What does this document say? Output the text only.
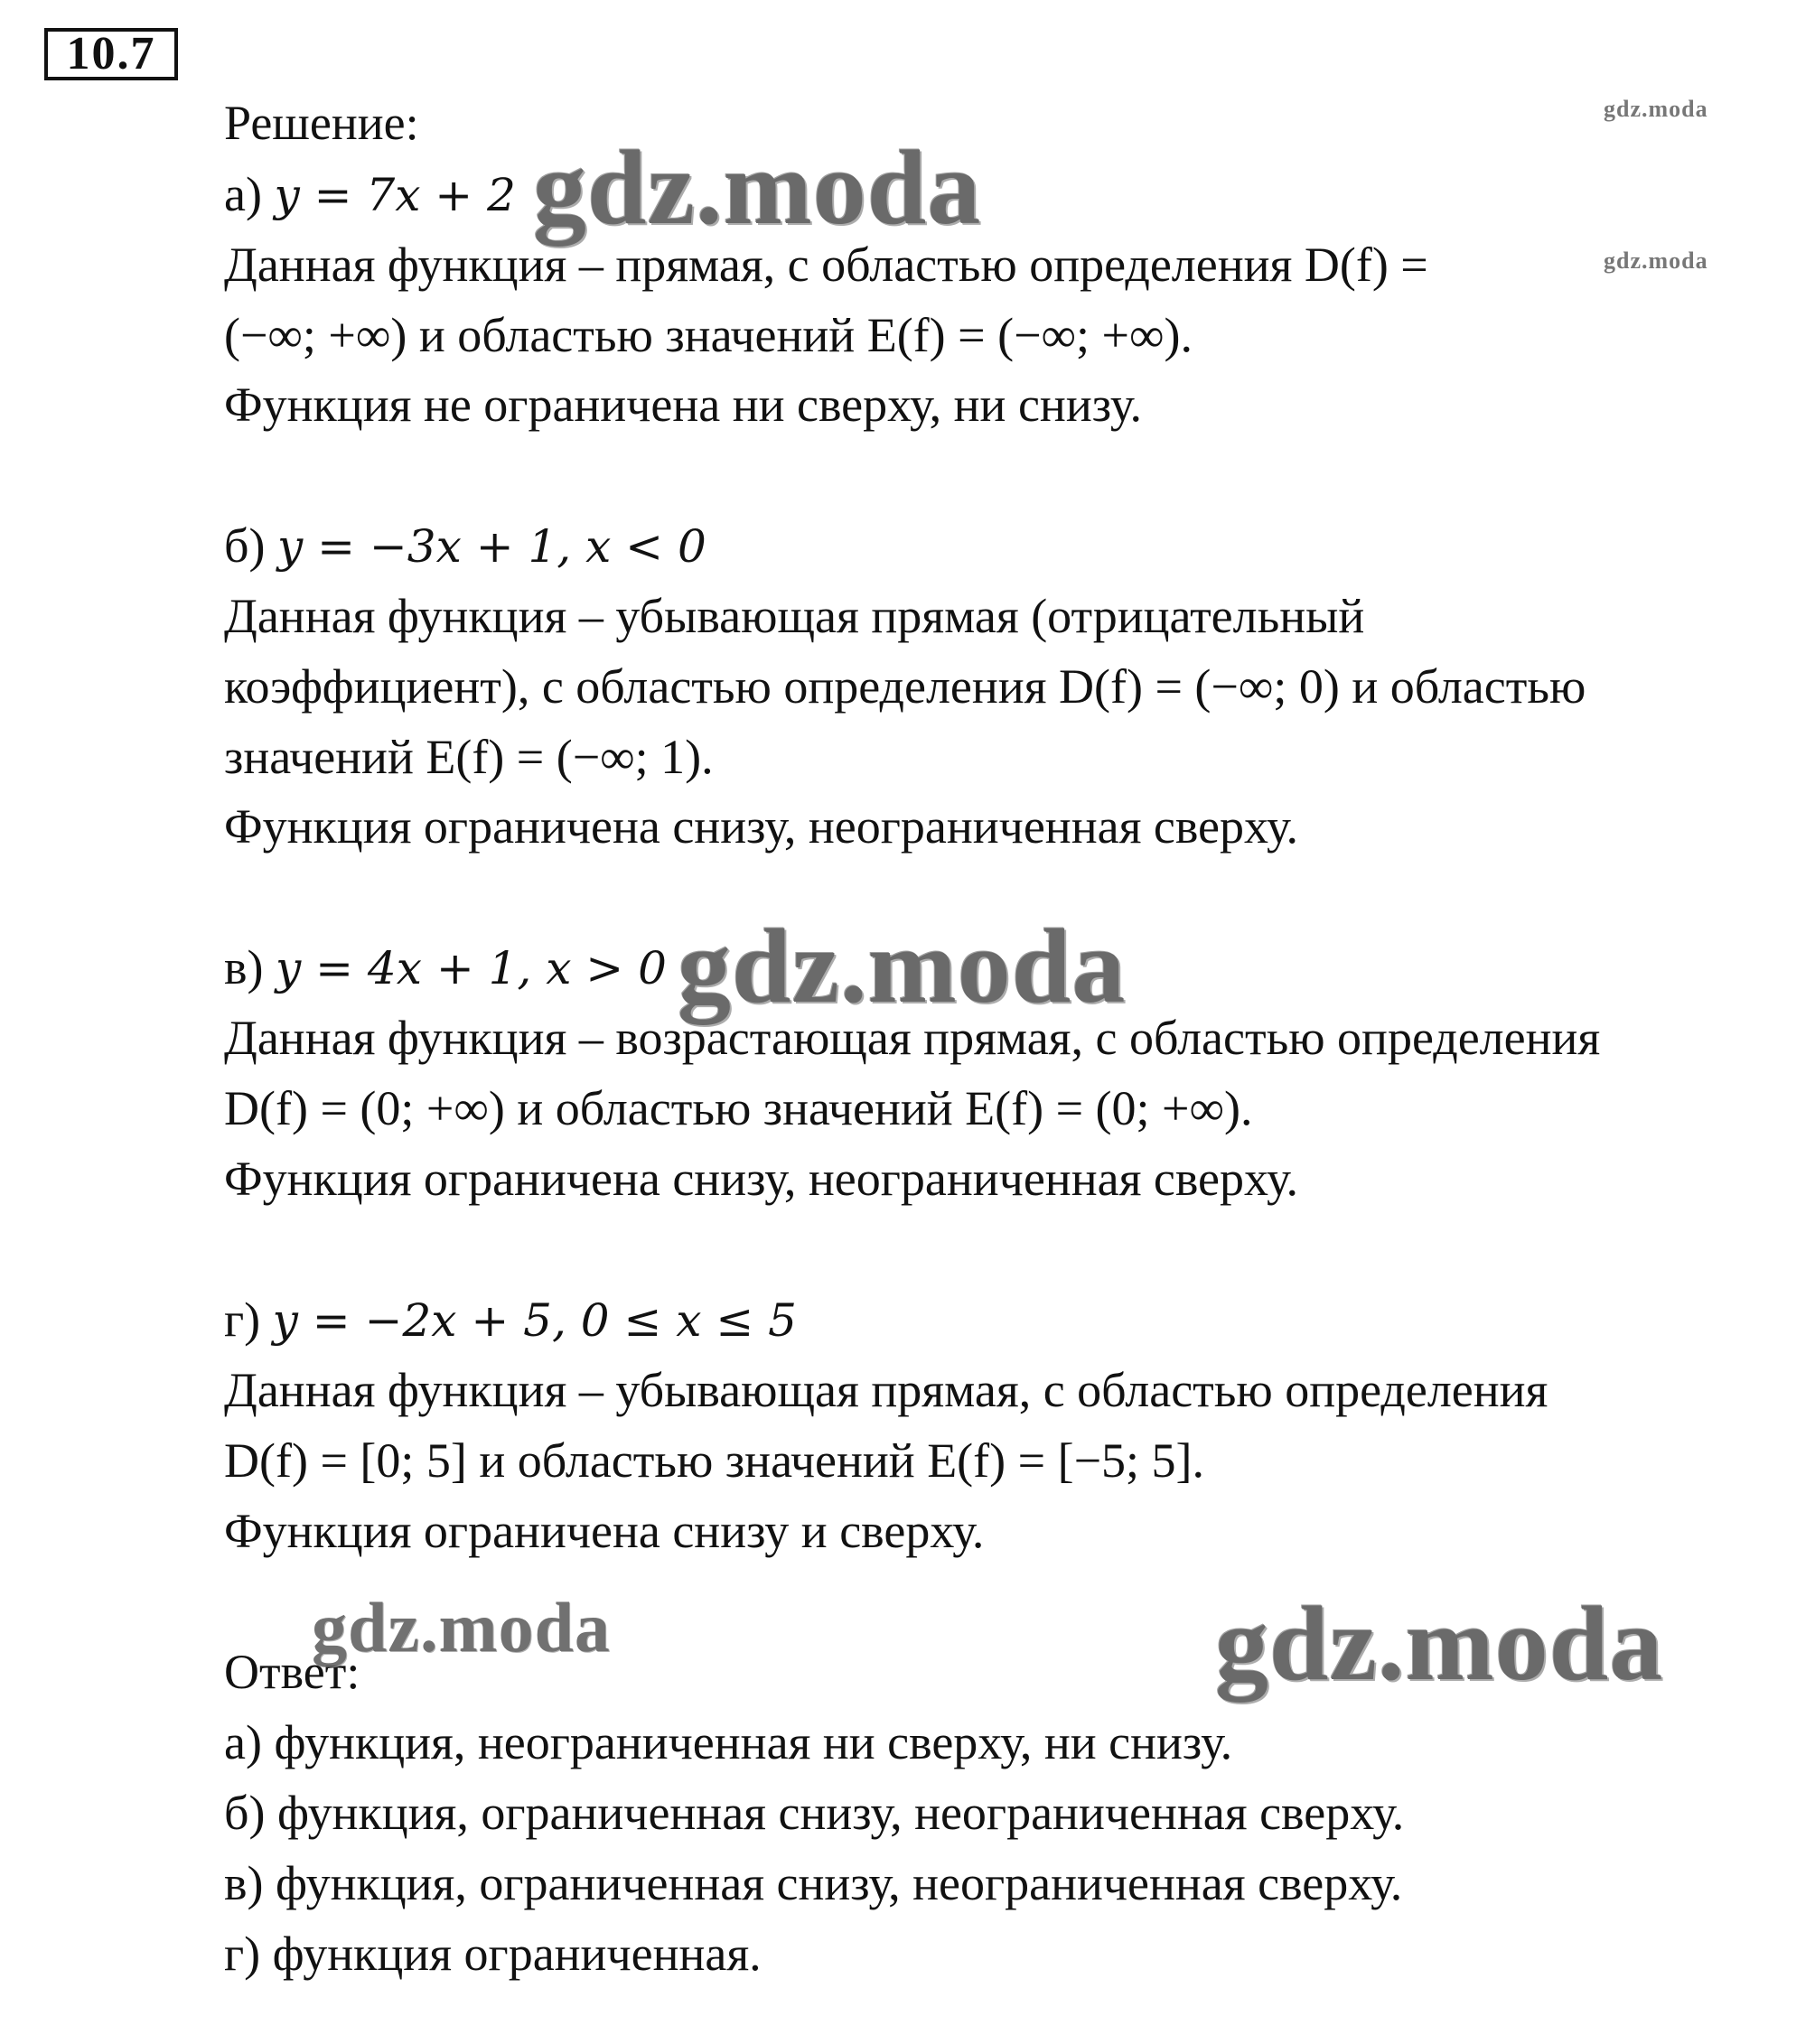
10.7
Решение:
а) y = 7x + 2
Данная функция – прямая, с областью определения D(f) =
(−∞; +∞) и областью значений E(f) = (−∞; +∞).
Функция не ограничена ни сверху, ни снизу.
б) y = −3x + 1, x < 0
Данная функция – убывающая прямая (отрицательный
коэффициент), с областью определения D(f) = (−∞; 0) и областью
значений E(f) = (−∞; 1).
Функция ограничена снизу, неограниченная сверху.
в) y = 4x + 1, x > 0
Данная функция – возрастающая прямая, с областью определения
D(f) = (0; +∞) и областью значений E(f) = (0; +∞).
Функция ограничена снизу, неограниченная сверху.
г) y = −2x + 5, 0 ≤ x ≤ 5
Данная функция – убывающая прямая, с областью определения
D(f) = [0; 5] и областью значений E(f) = [−5; 5].
Функция ограничена снизу и сверху.
Ответ:
а) функция, неограниченная ни сверху, ни снизу.
б) функция, ограниченная снизу, неограниченная сверху.
в) функция, ограниченная снизу, неограниченная сверху.
г) функция ограниченная.
gdz.moda
gdz.moda
gdz.moda
gdz.moda
gdz.moda	gdz.moda
